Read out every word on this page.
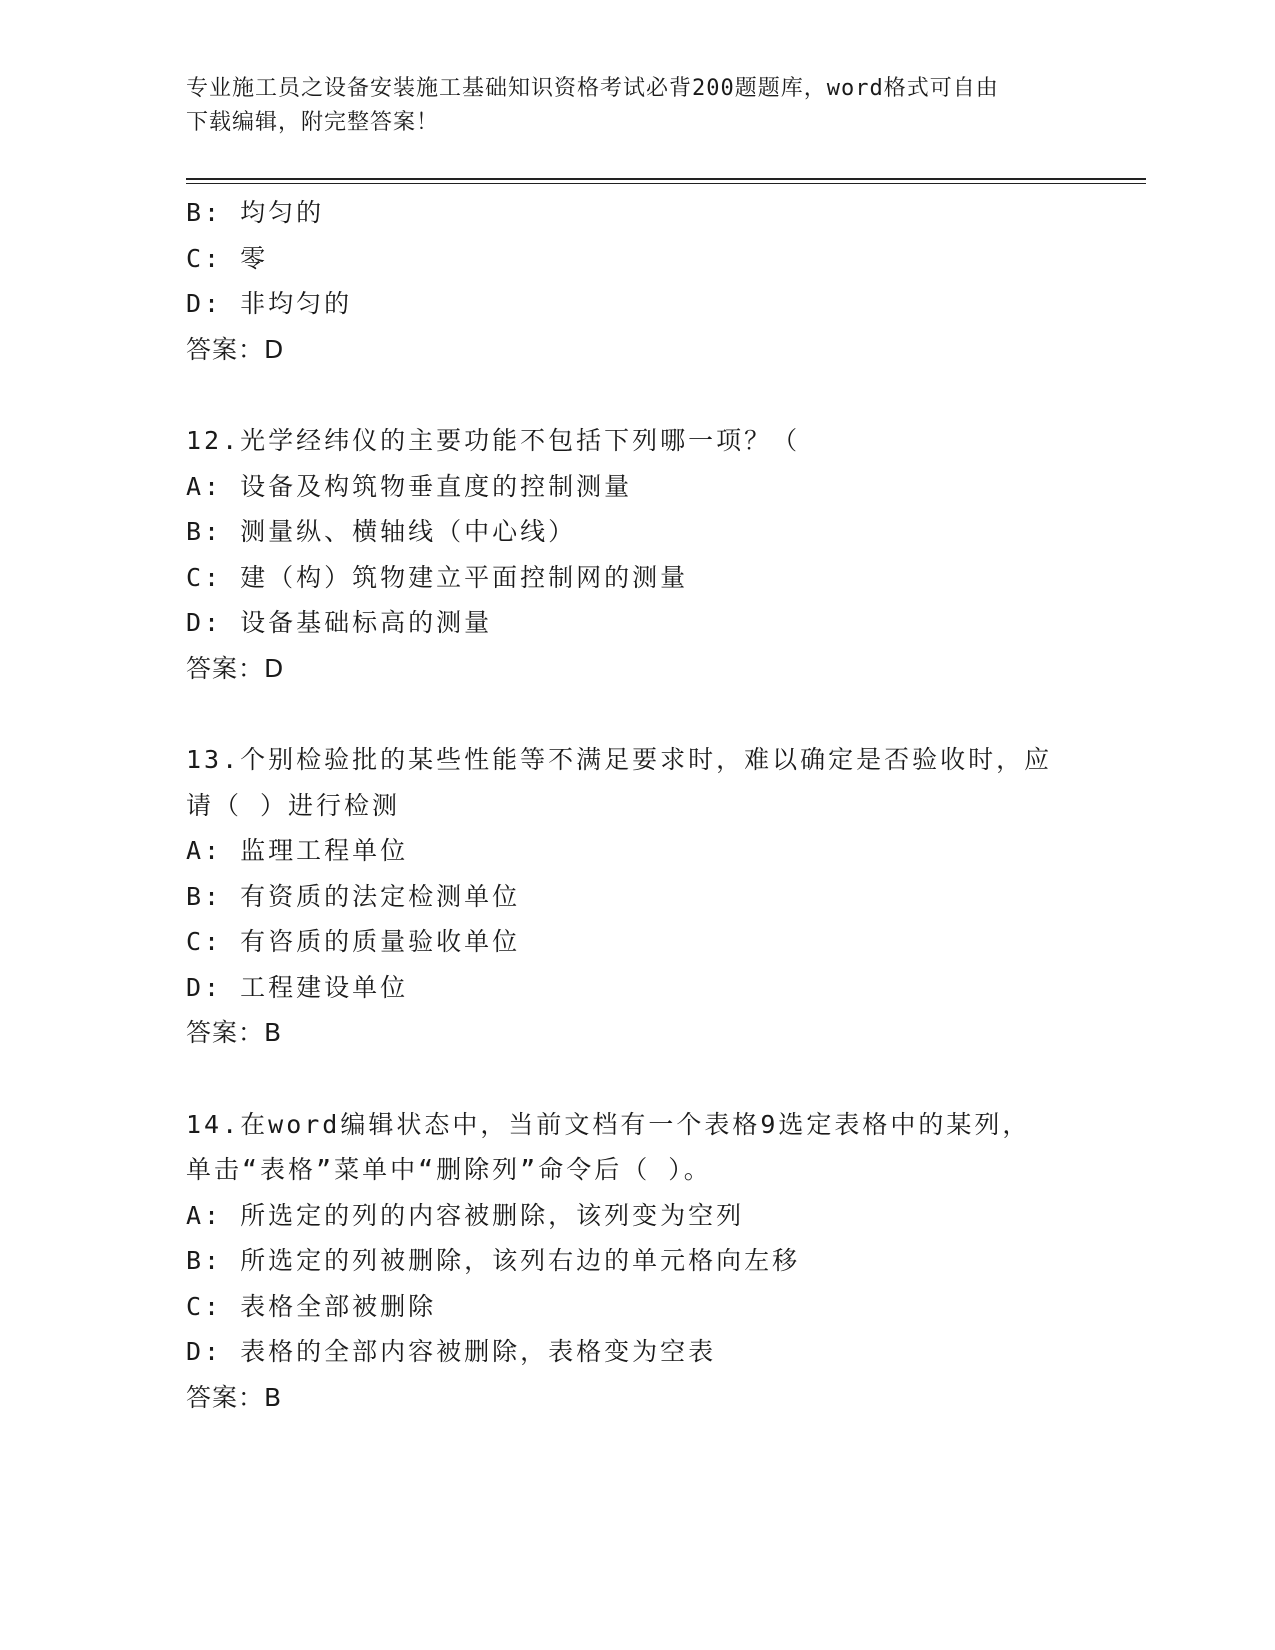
专业施工员之设备安装施工基础知识资格考试必背200题题库，word格式可自由
下载编辑，附完整答案！
B: 均匀的
C: 零
D: 非均匀的
答案：D
12.光学经纬仪的主要功能不包括下列哪一项？（
A: 设备及构筑物垂直度的控制测量
B: 测量纵、横轴线（中心线）
C: 建（构）筑物建立平面控制网的测量
D: 设备基础标高的测量
答案：D
13.个别检验批的某些性能等不满足要求时，难以确定是否验收时，应
请（ ）进行检测
A: 监理工程单位
B: 有资质的法定检测单位
C: 有咨质的质量验收单位
D: 工程建设单位
答案：B
14.在word编辑状态中，当前文档有一个表格9选定表格中的某列，
单击“表格”菜单中“删除列”命令后（ ）。
A: 所选定的列的内容被删除，该列变为空列
B: 所选定的列被删除，该列右边的单元格向左移
C: 表格全部被删除
D: 表格的全部内容被删除，表格变为空表
答案：B
